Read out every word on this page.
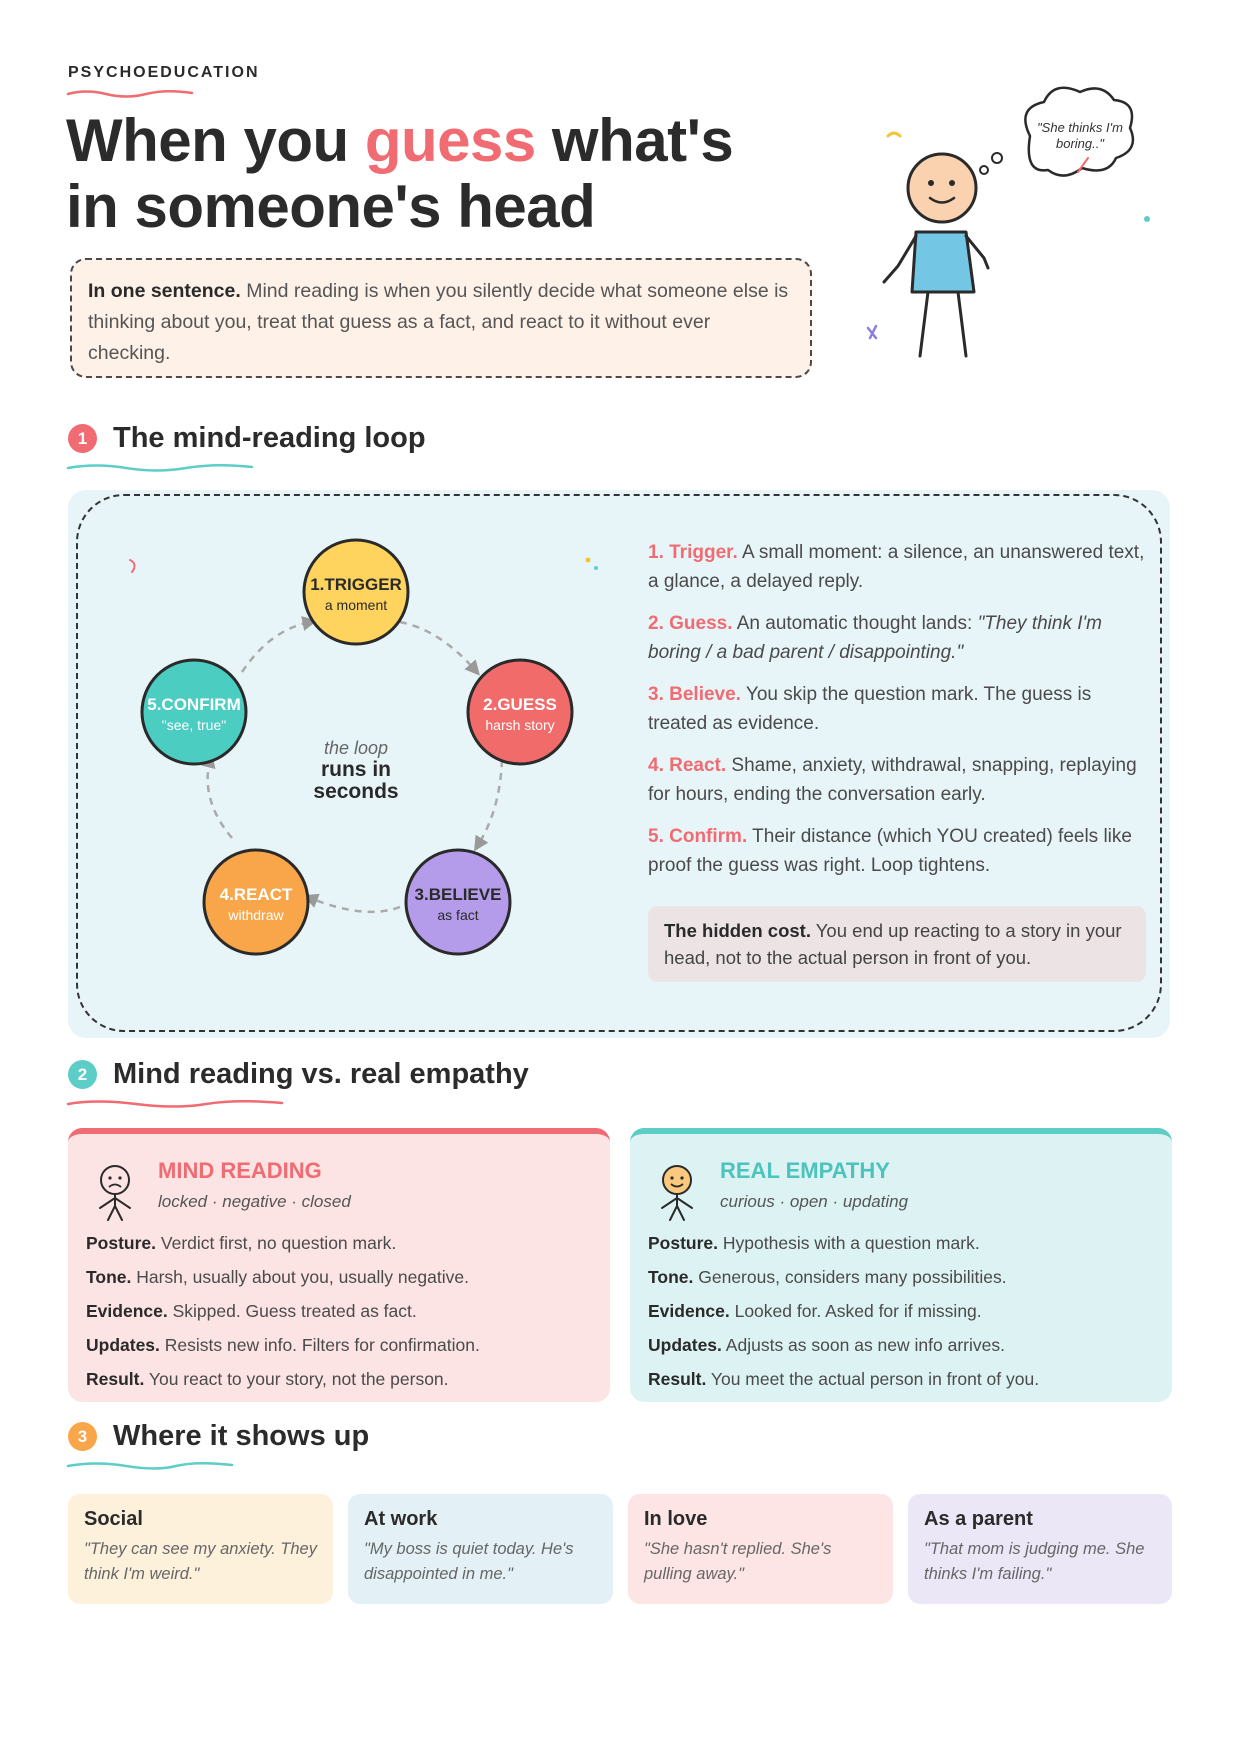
PSYCHOEDUCATION
When you guess what's in someone's head
"She thinks I'm boring.."
In one sentence. Mind reading is when you silently decide what someone else is thinking about you, treat that guess as a fact, and react to it without ever checking.
1 The mind-reading loop
the loop
runs in
seconds
1.TRIGGER
a moment
2.GUESS
harsh story
3.BELIEVE
as fact
4.REACT
withdraw
5.CONFIRM
"see, true"

1. Trigger. A small moment: a silence, an unanswered text, a glance, a delayed reply.

2. Guess. An automatic thought lands: "They think I'm boring / a bad parent / disappointing."

3. Believe. You skip the question mark. The guess is treated as evidence.

4. React. Shame, anxiety, withdrawal, snapping, replaying for hours, ending the conversation early.

5. Confirm. Their distance (which YOU created) feels like proof the guess was right. Loop tightens.

The hidden cost. You end up reacting to a story in your head, not to the actual person in front of you.
2 Mind reading vs. real empathy
MIND READING
locked · negative · closed
Posture. Verdict first, no question mark.
Tone. Harsh, usually about you, usually negative.
Evidence. Skipped. Guess treated as fact.
Updates. Resists new info. Filters for confirmation.
Result. You react to your story, not the person.
REAL EMPATHY
curious · open · updating
Posture. Hypothesis with a question mark.
Tone. Generous, considers many possibilities.
Evidence. Looked for. Asked for if missing.
Updates. Adjusts as soon as new info arrives.
Result. You meet the actual person in front of you.
3 Where it shows up
Social

"They can see my anxiety. They think I'm weird."

At work

"My boss is quiet today. He's disappointed in me."

In love

"She hasn't replied. She's pulling away."

As a parent

"That mom is judging me. She thinks I'm failing."
